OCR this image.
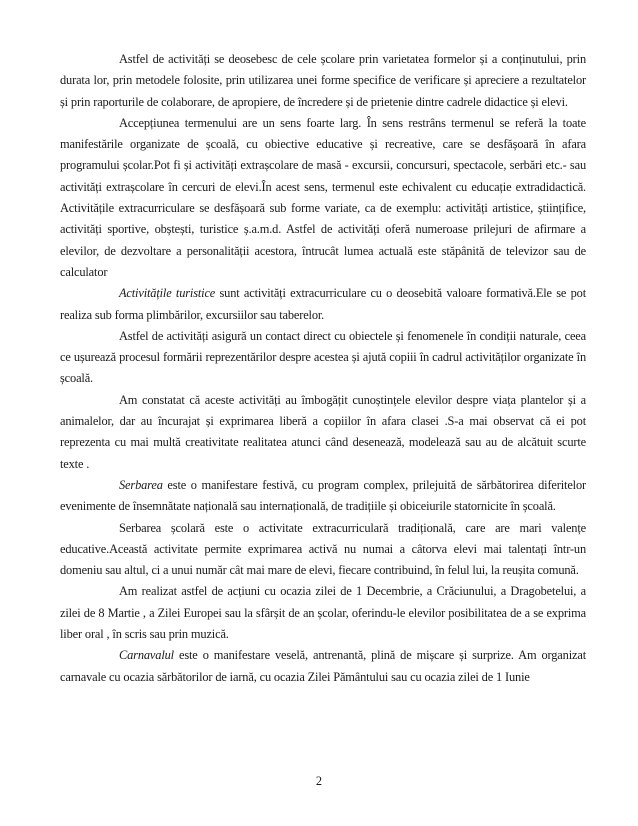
Astfel de activități se deosebesc de cele școlare prin varietatea formelor și a conținutului, prin durata lor, prin metodele folosite, prin utilizarea unei forme specifice de verificare și apreciere a rezultatelor și prin raporturile de colaborare, de apropiere, de încredere și de prietenie dintre cadrele didactice și elevi.

Accepțiunea termenului are un sens foarte larg. În sens restrâns termenul se referă la toate manifestările organizate de școală, cu obiective educative și recreative, care se desfășoară în afara programului școlar.Pot fi și activități extrașcolare de masă - excursii, concursuri, spectacole, serbări etc.- sau activități extrașcolare în cercuri de elevi.În acest sens, termenul este echivalent cu educație extradidactică. Activitățile extracurriculare se desfășoară sub forme variate, ca de exemplu: activități artistice, științifice, activități sportive, obștești, turistice ș.a.m.d. Astfel de activități oferă numeroase prilejuri de afirmare a elevilor, de dezvoltare a personalității acestora, întrucât lumea actuală este stăpânită de televizor sau de calculator

Activitățile turistice sunt activități extracurriculare cu o deosebită valoare formativă.Ele se pot realiza sub forma plimbărilor, excursiilor sau taberelor.

Astfel de activități asigură un contact direct cu obiectele și fenomenele în condiții naturale, ceea ce ușurează procesul formării reprezentărilor despre acestea și ajută copiii în cadrul activităților organizate în școală.

Am constatat că aceste activități au îmbogățit cunoștințele elevilor despre viața plantelor și a animalelor, dar au încurajat și exprimarea liberă a copiilor în afara clasei .S-a mai observat că ei pot reprezenta cu mai multă creativitate realitatea atunci când desenează, modelează sau au de alcătuit scurte texte .

Serbarea este o manifestare festivă, cu program complex, prilejuită de sărbătorirea diferitelor evenimente de însemnătate națională sau internațională, de tradițiile și obiceiurile statornicite în școală.

Serbarea școlară este o activitate extracurriculară tradițională, care are mari valențe educative.Această activitate permite exprimarea activă nu numai a câtorva elevi mai talentați într-un domeniu sau altul, ci a unui număr cât mai mare de elevi, fiecare contribuind, în felul lui, la reușita comună.

Am realizat astfel de acțiuni cu ocazia zilei de 1 Decembrie, a Crăciunului, a Dragobetelui, a zilei de 8 Martie , a Zilei Europei sau la sfârșit de an școlar, oferindu-le elevilor posibilitatea de a se exprima liber oral , în scris sau prin muzică.

Carnavalul este o manifestare veselă, antrenantă, plină de mișcare și surprize. Am organizat carnavale cu ocazia sărbătorilor de iarnă, cu ocazia Zilei Pământului sau cu ocazia zilei de 1 Iunie

2
